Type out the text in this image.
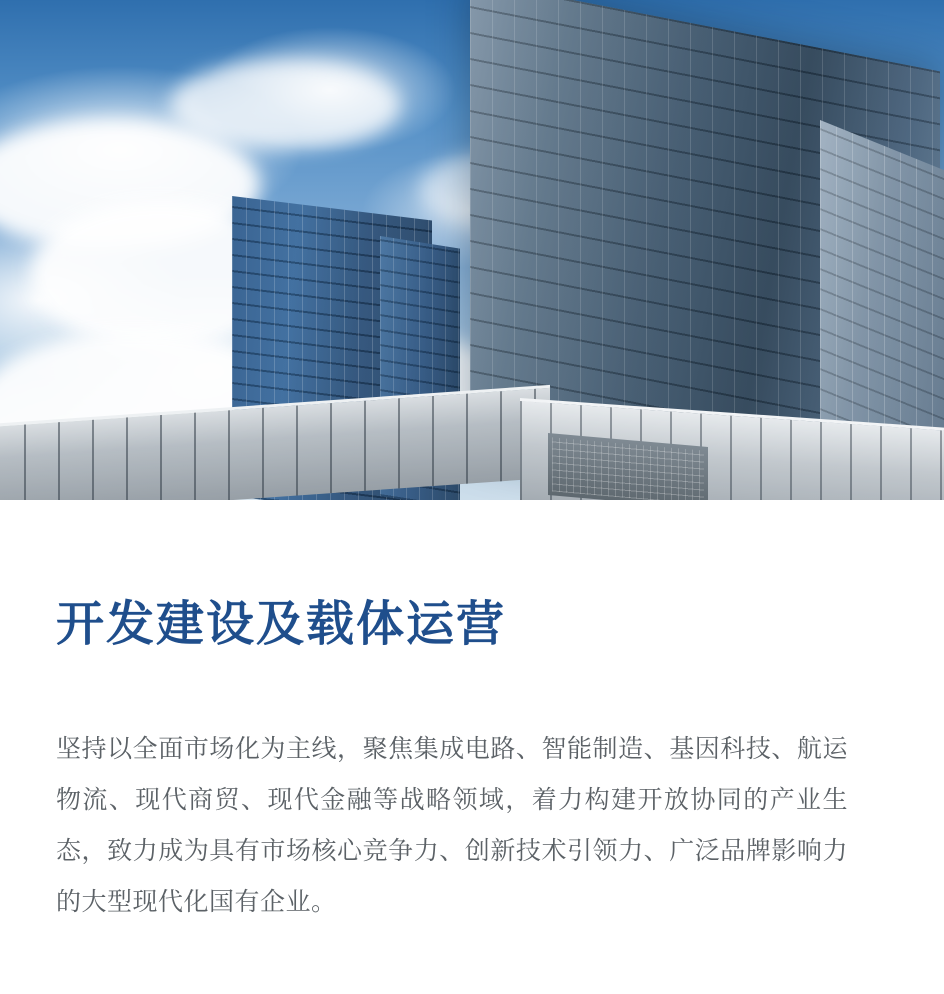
开发建设及载体运营

坚持以全面市场化为主线，聚焦集成电路、智能制造、基因科技、航运物流、现代商贸、现代金融等战略领域，着力构建开放协同的产业生态，致力成为具有市场核心竞争力、创新技术引领力、广泛品牌影响力的大型现代化国有企业。
